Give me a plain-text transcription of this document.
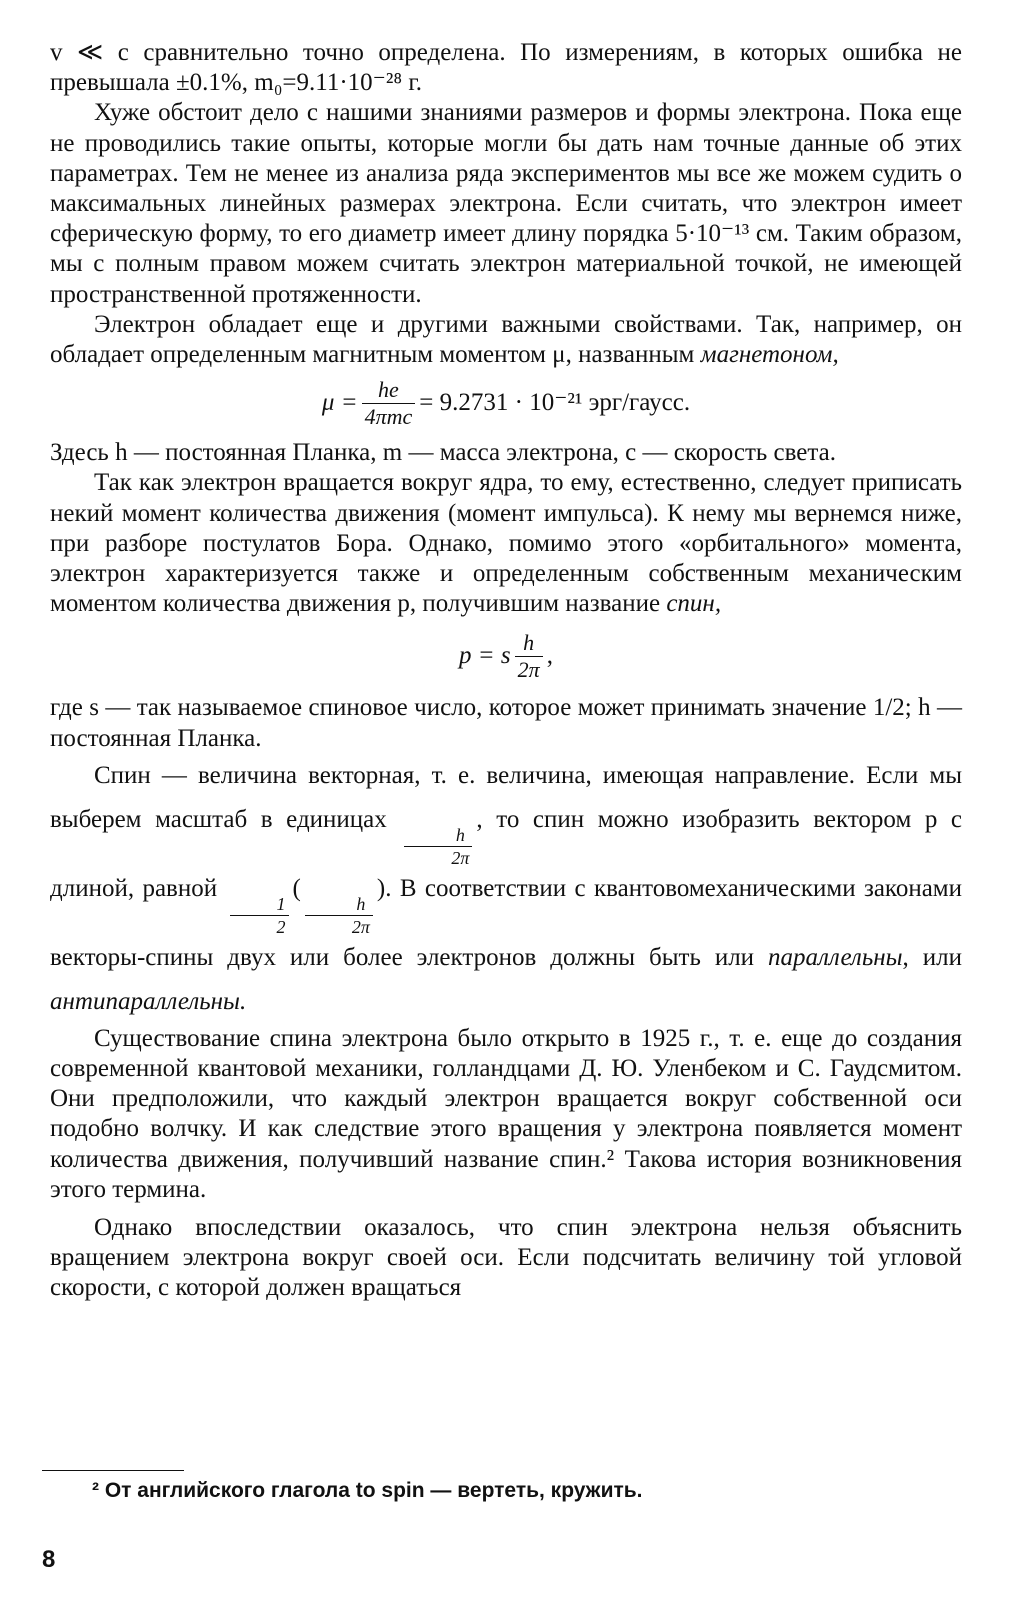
v ≪ c сравнительно точно определена. По измерениям, в которых ошибка не превышала ±0.1%, m₀=9.11·10⁻²⁸ г.

Хуже обстоит дело с нашими знаниями размеров и формы электрона. Пока еще не проводились такие опыты, которые могли бы дать нам точные данные об этих параметрах. Тем не менее из анализа ряда экспериментов мы все же можем судить о максимальных линейных размерах электрона. Если считать, что электрон имеет сферическую форму, то его диаметр имеет длину порядка 5·10⁻¹³ см. Таким образом, мы с полным правом можем считать электрон материальной точкой, не имеющей пространственной протяженности.

Электрон обладает еще и другими важными свойствами. Так, например, он обладает определенным магнитным моментом μ, названным магнетоном,

$\mu = \frac{he}{\text{4πmc}} = 9.2731 \cdot 10^{-21}$ эрг/гаусс.

Здесь h — постоянная Планка, m — масса электрона, c — скорость света.

Так как электрон вращается вокруг ядра, то ему, естественно, следует приписать некий момент количества движения (момент импульса). К нему мы вернемся ниже, при разборе постулатов Бора. Однако, помимо этого «орбитального» момента, электрон характеризуется также и определенным собственным механическим моментом количества движения p, получившим название спин,

p = s $\frac{h}{2\pi}$ ,

где s — так называемое спиновое число, которое может принимать значение 1/2; h — постоянная Планка.

Спин — величина векторная, т. е. величина, имеющая направление. Если мы выберем масштаб в единицах
$\frac{h}{2\pi}$
, то спин можно изобразить вектором p с длиной, равной
$\frac{1}{2}$
(
$\frac{h}{2\pi}$
). В соответствии с квантовомеханическими законами векторы-спины двух или более электронов должны быть или параллельны, или антипараллельны.

Существование спина электрона было открыто в 1925 г., т. е. еще до создания современной квантовой механики, голландцами Д. Ю. Уленбеком и С. Гаудсмитом. Они предположили, что каждый электрон вращается вокруг собственной оси подобно волчку. И как следствие этого вращения у электрона появляется момент количества движения, получивший название спин.² Такова история возникновения этого термина.

Однако впоследствии оказалось, что спин электрона нельзя объяснить вращением электрона вокруг своей оси. Если подсчитать величину той угловой скорости, с которой должен вращаться

² От английского глагола to spin — вертеть, кружить.
8
